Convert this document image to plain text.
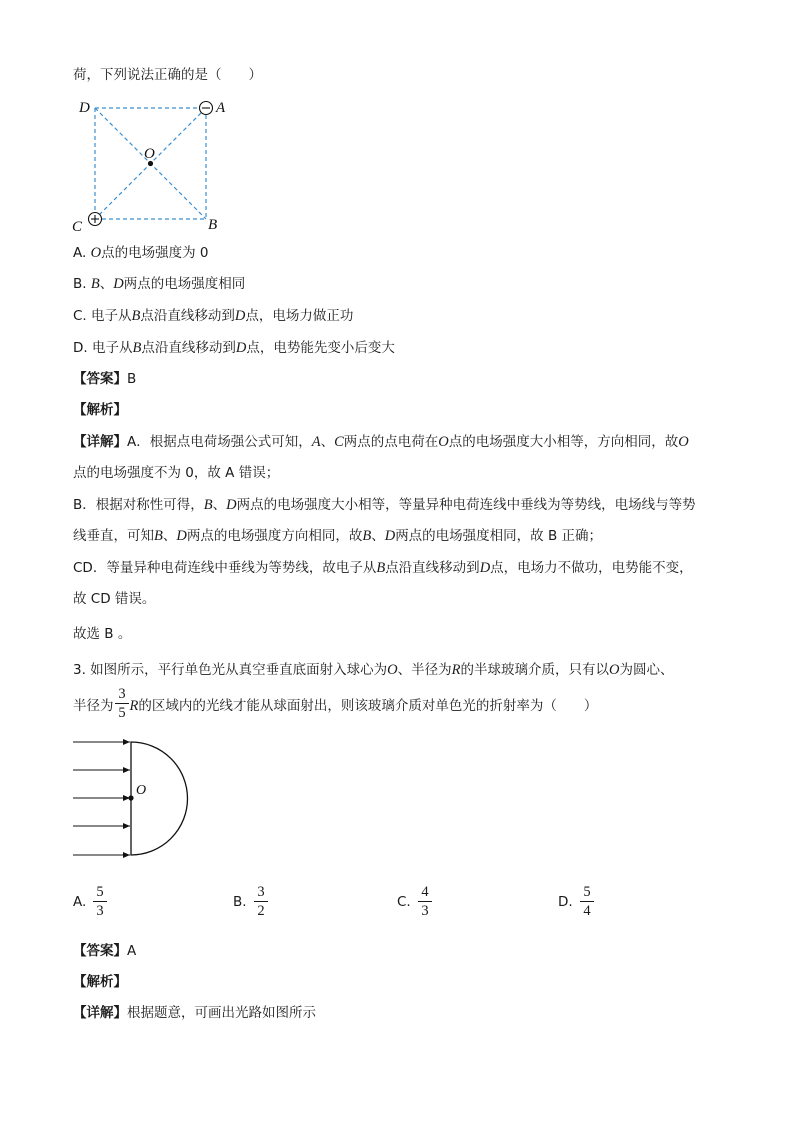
荷，下列说法正确的是（　　）
D	A
O
C	B
A. O点的电场强度为 0
B. B、D两点的电场强度相同
C. 电子从B点沿直线移动到D点，电场力做正功
D. 电子从B点沿直线移动到D点，电势能先变小后变大
【答案】B
【解析】
【详解】A．根据点电荷场强公式可知，A、C两点的点电荷在O点的电场强度大小相等，方向相同，故O
点的电场强度不为 0，故 A 错误；
B．根据对称性可得，B、D两点的电场强度大小相等，等量异种电荷连线中垂线为等势线，电场线与等势
线垂直，可知B、D两点的电场强度方向相同，故B、D两点的电场强度相同，故 B 正确；
CD．等量异种电荷连线中垂线为等势线，故电子从B点沿直线移动到D点，电场力不做功，电势能不变，
故 CD 错误。
故选 B 。
3. 如图所示，平行单色光从真空垂直底面射入球心为O、半径为R的半球玻璃介质，只有以O为圆心、
半径为 R的区域内的光线才能从球面射出，则该玻璃介质对单色光的折射率为（　　）
3
5
O
A.
5
3
B.
3
2
C.
4
3
D.
5
4
【答案】A
【解析】
【详解】根据题意，可画出光路如图所示
